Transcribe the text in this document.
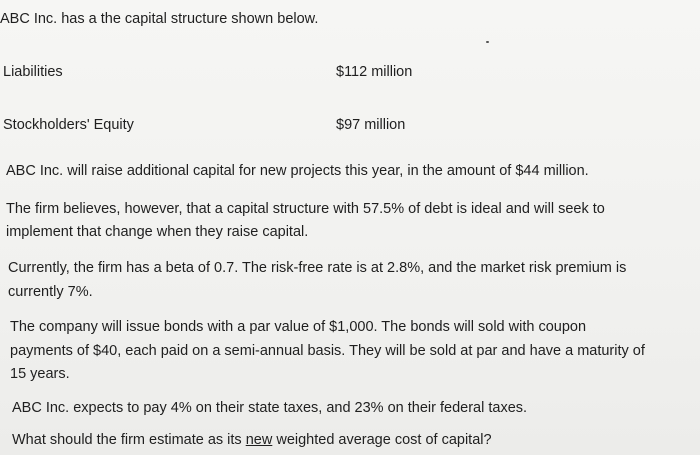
ABC Inc. has a the capital structure shown below.
Liabilities	$112 million
Stockholders' Equity	$97 million
ABC Inc. will raise additional capital for new projects this year, in the amount of $44 million.
The firm believes, however, that a capital structure with 57.5% of debt is ideal and will seek to
implement that change when they raise capital.
Currently, the firm has a beta of 0.7. The risk-free rate is at 2.8%, and the market risk premium is
currently 7%.
The company will issue bonds with a par value of $1,000. The bonds will sold with coupon
payments of $40, each paid on a semi-annual basis. They will be sold at par and have a maturity of
15 years.
ABC Inc. expects to pay 4% on their state taxes, and 23% on their federal taxes.
What should the firm estimate as its new weighted average cost of capital?
